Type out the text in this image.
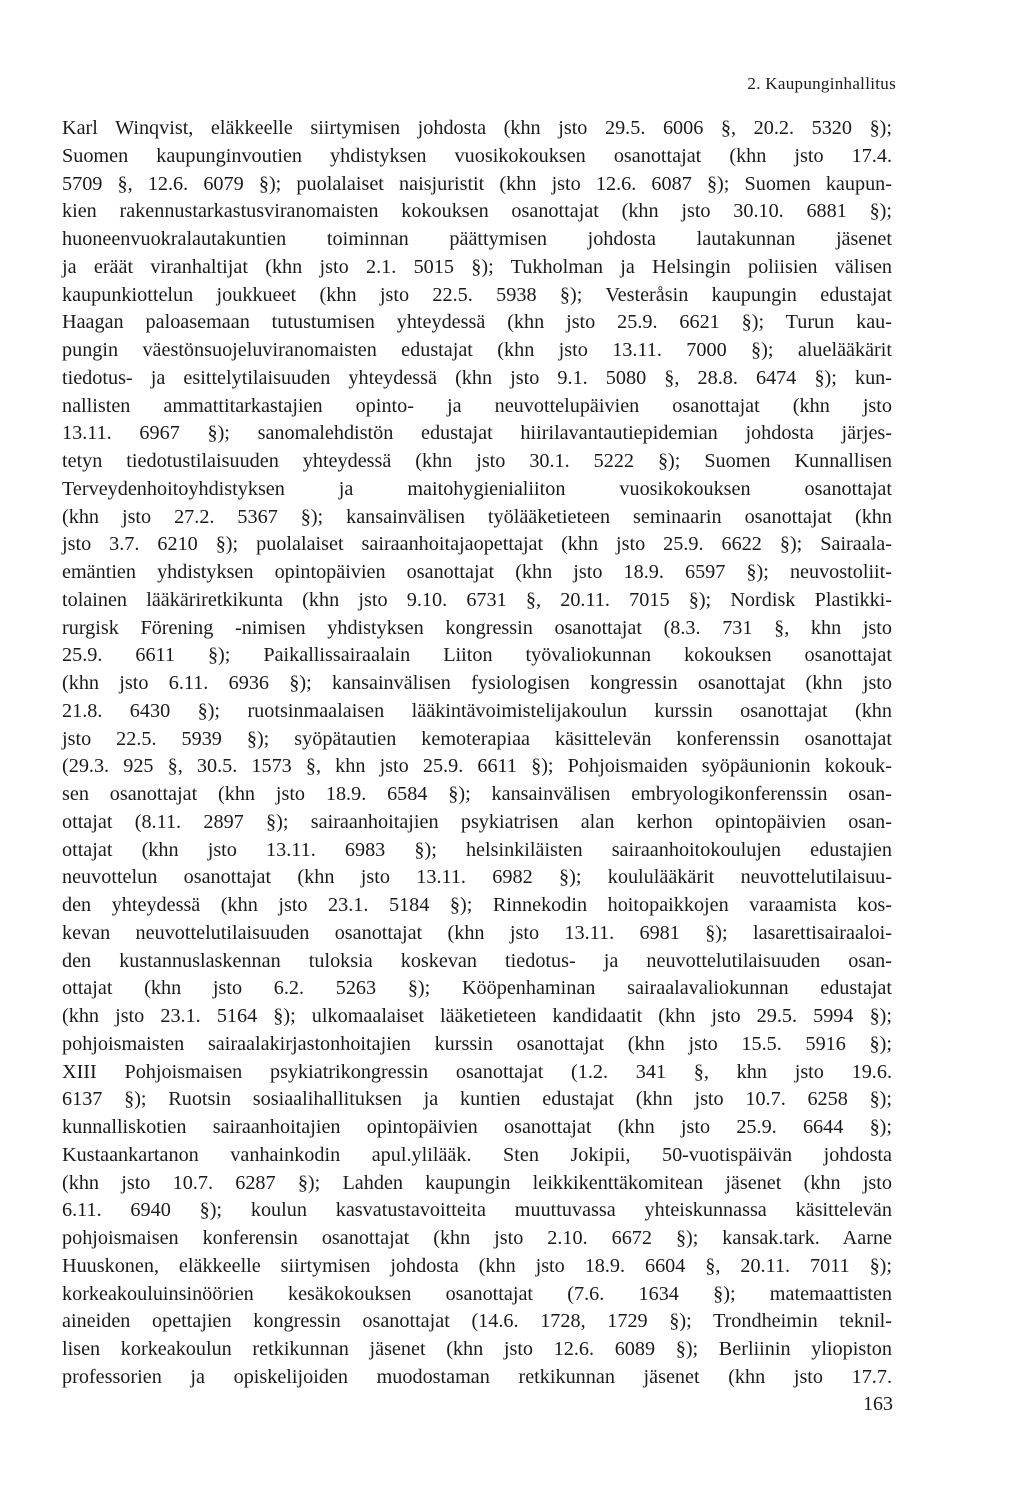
2. Kaupunginhallitus
Karl Winqvist, eläkkeelle siirtymisen johdosta (khn jsto 29.5. 6006 §, 20.2. 5320 §);
Suomen kaupunginvoutien yhdistyksen vuosikokouksen osanottajat (khn jsto 17.4.
5709 §, 12.6. 6079 §); puolalaiset naisjuristit (khn jsto 12.6. 6087 §); Suomen kaupun-
kien rakennustarkastusviranomaisten kokouksen osanottajat (khn jsto 30.10. 6881 §);
huoneenvuokralautakuntien toiminnan päättymisen johdosta lautakunnan jäsenet
ja eräät viranhaltijat (khn jsto 2.1. 5015 §); Tukholman ja Helsingin poliisien välisen
kaupunkiottelun joukkueet (khn jsto 22.5. 5938 §); Vesteråsin kaupungin edustajat
Haagan paloasemaan tutustumisen yhteydessä (khn jsto 25.9. 6621 §); Turun kau-
pungin väestönsuojeluviranomaisten edustajat (khn jsto 13.11. 7000 §); aluelääkärit
tiedotus- ja esittelytilaisuuden yhteydessä (khn jsto 9.1. 5080 §, 28.8. 6474 §); kun-
nallisten ammattitarkastajien opinto- ja neuvottelupäivien osanottajat (khn jsto
13.11. 6967 §); sanomalehdistön edustajat hiirilavantautiepidemian johdosta järjes-
tetyn tiedotustilaisuuden yhteydessä (khn jsto 30.1. 5222 §); Suomen Kunnallisen
Terveydenhoitoyhdistyksen ja maitohygienialiiton vuosikokouksen osanottajat
(khn jsto 27.2. 5367 §); kansainvälisen työlääketieteen seminaarin osanottajat (khn
jsto 3.7. 6210 §); puolalaiset sairaanhoitajaopettajat (khn jsto 25.9. 6622 §); Sairaala-
emäntien yhdistyksen opintopäivien osanottajat (khn jsto 18.9. 6597 §); neuvostoliit-
tolainen lääkäriretkikunta (khn jsto 9.10. 6731 §, 20.11. 7015 §); Nordisk Plastikki-
rurgisk Förening -nimisen yhdistyksen kongressin osanottajat (8.3. 731 §, khn jsto
25.9. 6611 §); Paikallissairaalain Liiton työvaliokunnan kokouksen osanottajat
(khn jsto 6.11. 6936 §); kansainvälisen fysiologisen kongressin osanottajat (khn jsto
21.8. 6430 §); ruotsinmaalaisen lääkintävoimistelijakoulun kurssin osanottajat (khn
jsto 22.5. 5939 §); syöpätautien kemoterapiaa käsittelevän konferenssin osanottajat
(29.3. 925 §, 30.5. 1573 §, khn jsto 25.9. 6611 §); Pohjoismaiden syöpäunionin kokouk-
sen osanottajat (khn jsto 18.9. 6584 §); kansainvälisen embryologikonferenssin osan-
ottajat (8.11. 2897 §); sairaanhoitajien psykiatrisen alan kerhon opintopäivien osan-
ottajat (khn jsto 13.11. 6983 §); helsinkiläisten sairaanhoitokoulujen edustajien
neuvottelun osanottajat (khn jsto 13.11. 6982 §); koululääkärit neuvottelutilaisuu-
den yhteydessä (khn jsto 23.1. 5184 §); Rinnekodin hoitopaikkojen varaamista kos-
kevan neuvottelutilaisuuden osanottajat (khn jsto 13.11. 6981 §); lasarettisairaaloi-
den kustannuslaskennan tuloksia koskevan tiedotus- ja neuvottelutilaisuuden osan-
ottajat (khn jsto 6.2. 5263 §); Kööpenhaminan sairaalavaliokunnan edustajat
(khn jsto 23.1. 5164 §); ulkomaalaiset lääketieteen kandidaatit (khn jsto 29.5. 5994 §);
pohjoismaisten sairaalakirjastonhoitajien kurssin osanottajat (khn jsto 15.5. 5916 §);
XIII Pohjoismaisen psykiatrikongressin osanottajat (1.2. 341 §, khn jsto 19.6.
6137 §); Ruotsin sosiaalihallituksen ja kuntien edustajat (khn jsto 10.7. 6258 §);
kunnalliskotien sairaanhoitajien opintopäivien osanottajat (khn jsto 25.9. 6644 §);
Kustaankartanon vanhainkodin apul.ylilääk. Sten Jokipii, 50-vuotispäivän johdosta
(khn jsto 10.7. 6287 §); Lahden kaupungin leikkikenttäkomitean jäsenet (khn jsto
6.11. 6940 §); koulun kasvatustavoitteita muuttuvassa yhteiskunnassa käsittelevän
pohjoismaisen konferensin osanottajat (khn jsto 2.10. 6672 §); kansak.tark. Aarne
Huuskonen, eläkkeelle siirtymisen johdosta (khn jsto 18.9. 6604 §, 20.11. 7011 §);
korkeakouluinsinöörien kesäkokouksen osanottajat (7.6. 1634 §); matemaattisten
aineiden opettajien kongressin osanottajat (14.6. 1728, 1729 §); Trondheimin teknil-
lisen korkeakoulun retkikunnan jäsenet (khn jsto 12.6. 6089 §); Berliinin yliopiston
professorien ja opiskelijoiden muodostaman retkikunnan jäsenet (khn jsto 17.7.
163
